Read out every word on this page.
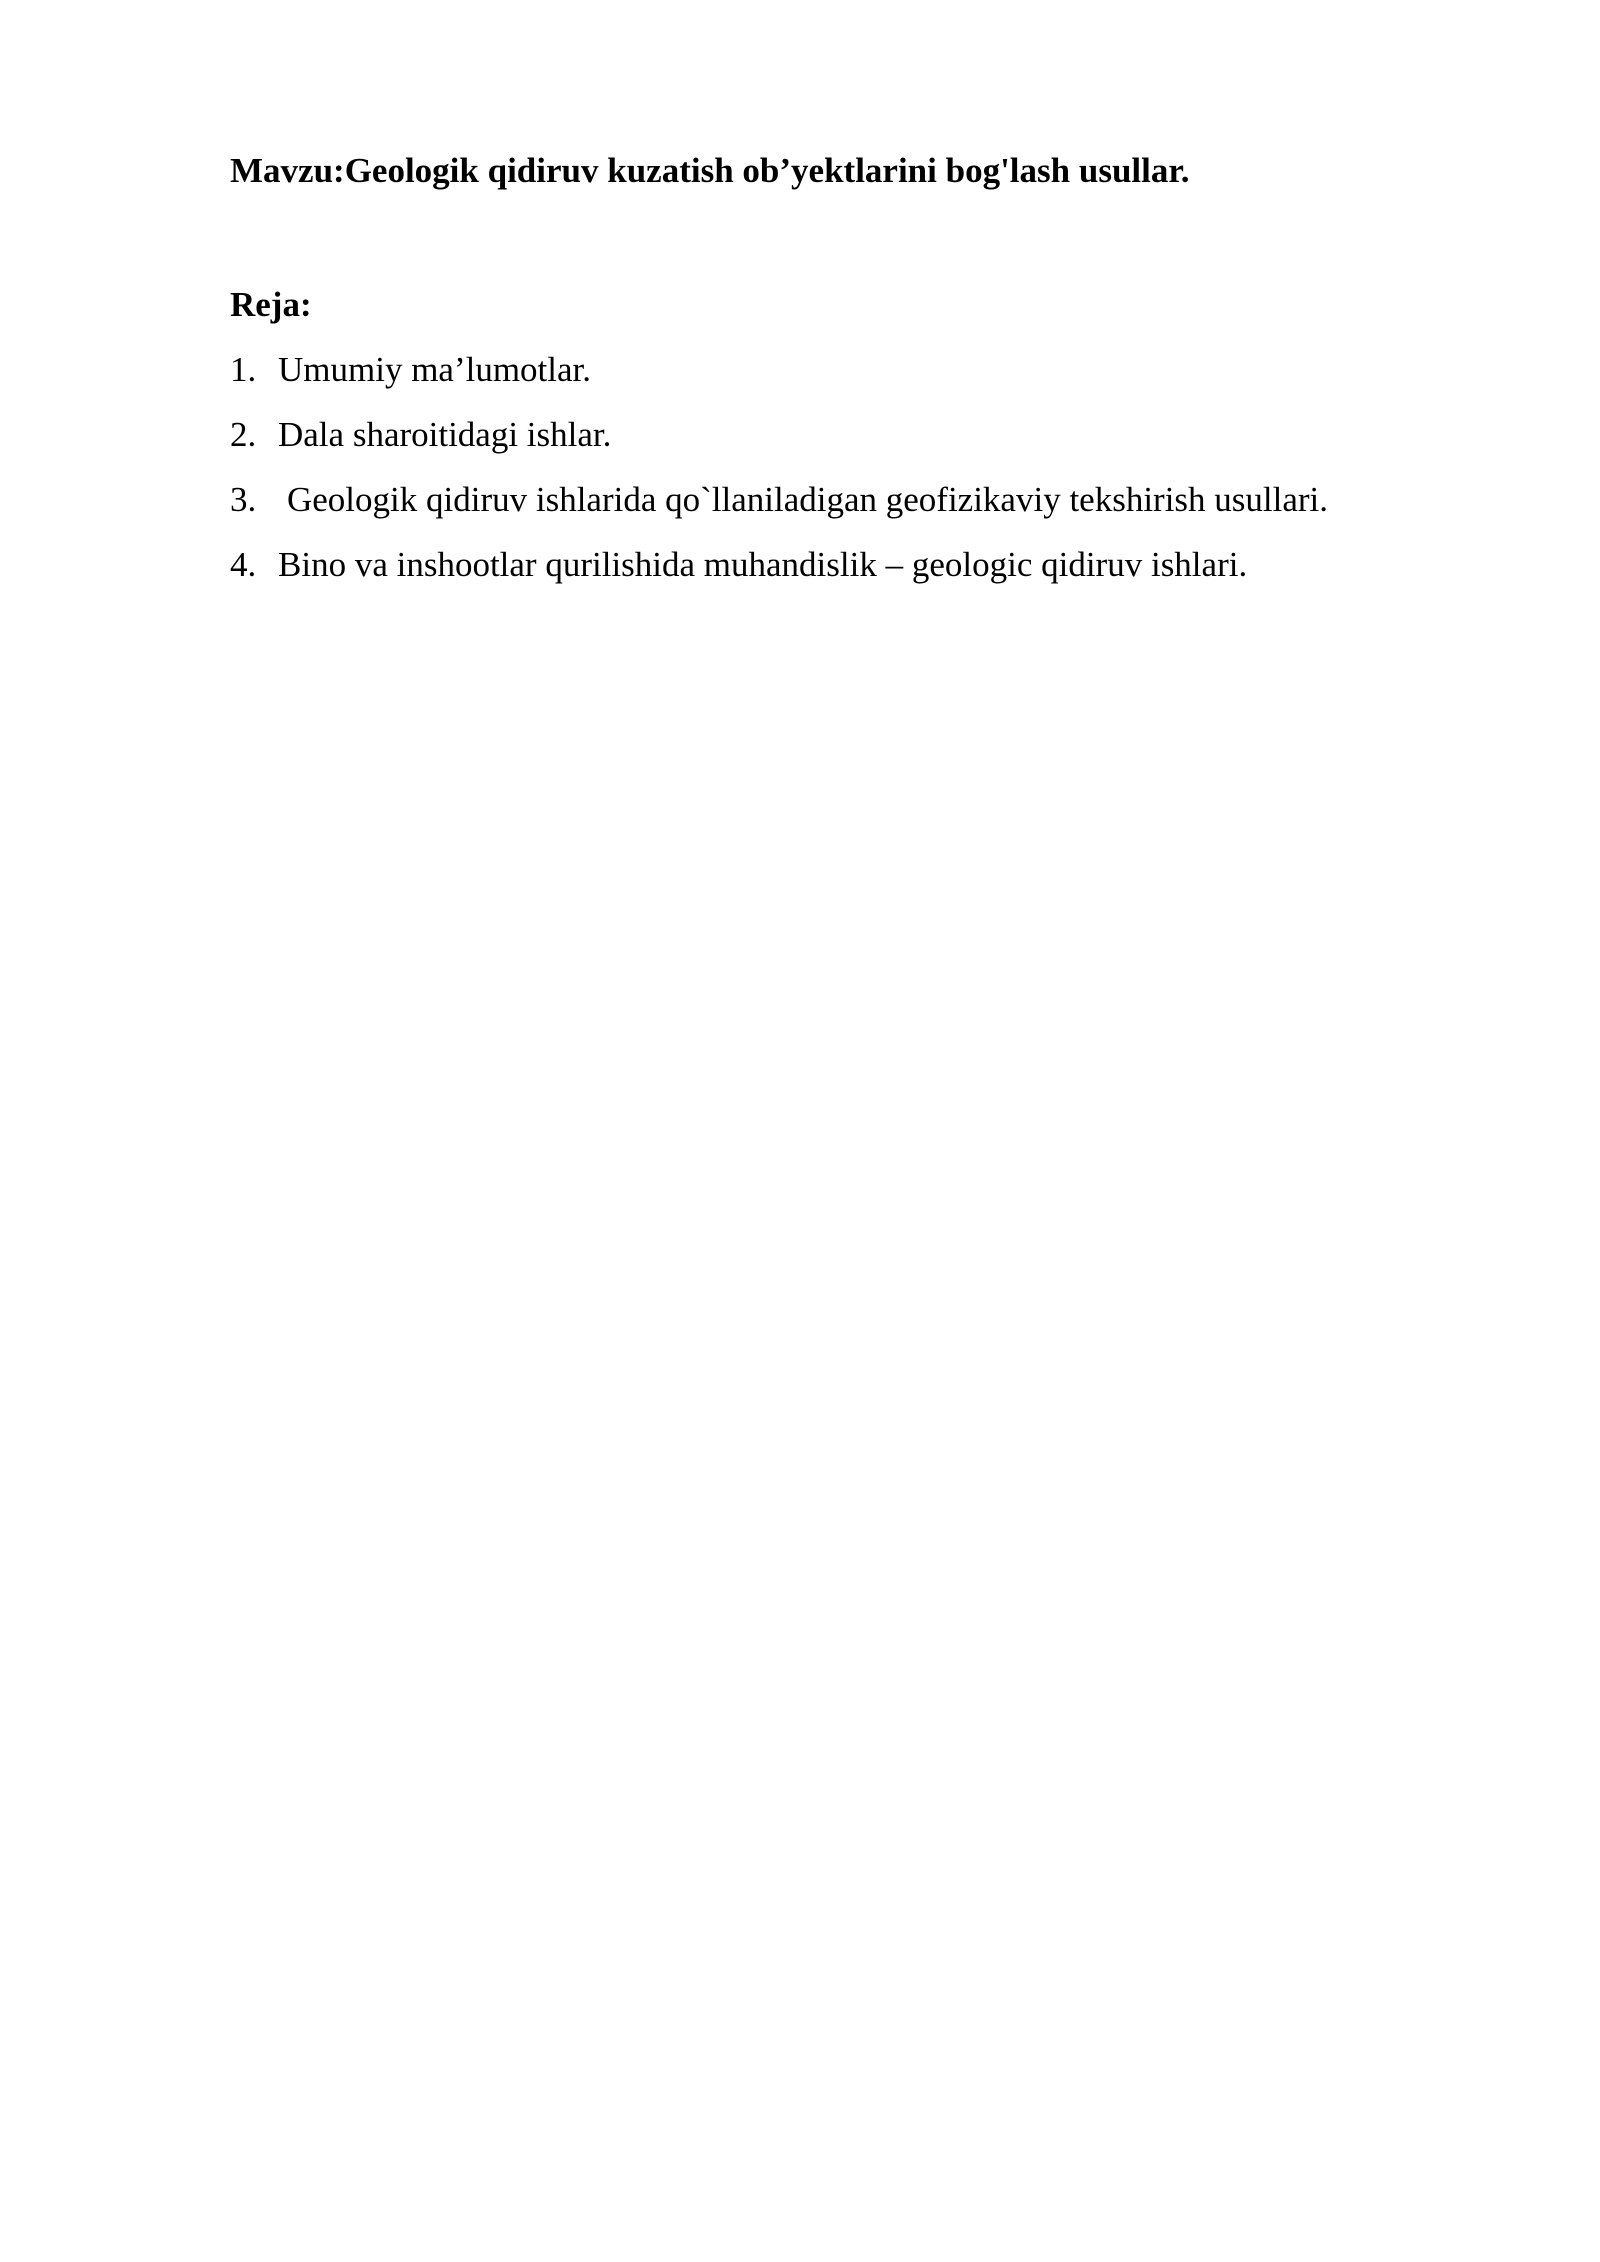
Mavzu:Geologik qidiruv kuzatish ob’yektlarini bog'lash usullar.
Reja:
1. Umumiy ma’lumotlar.
2. Dala sharoitidagi ishlar.
3. Geologik qidiruv ishlarida qo`llaniladigan geofizikaviy tekshirish usullari.
4. Bino va inshootlar qurilishida muhandislik – geologic qidiruv ishlari.
